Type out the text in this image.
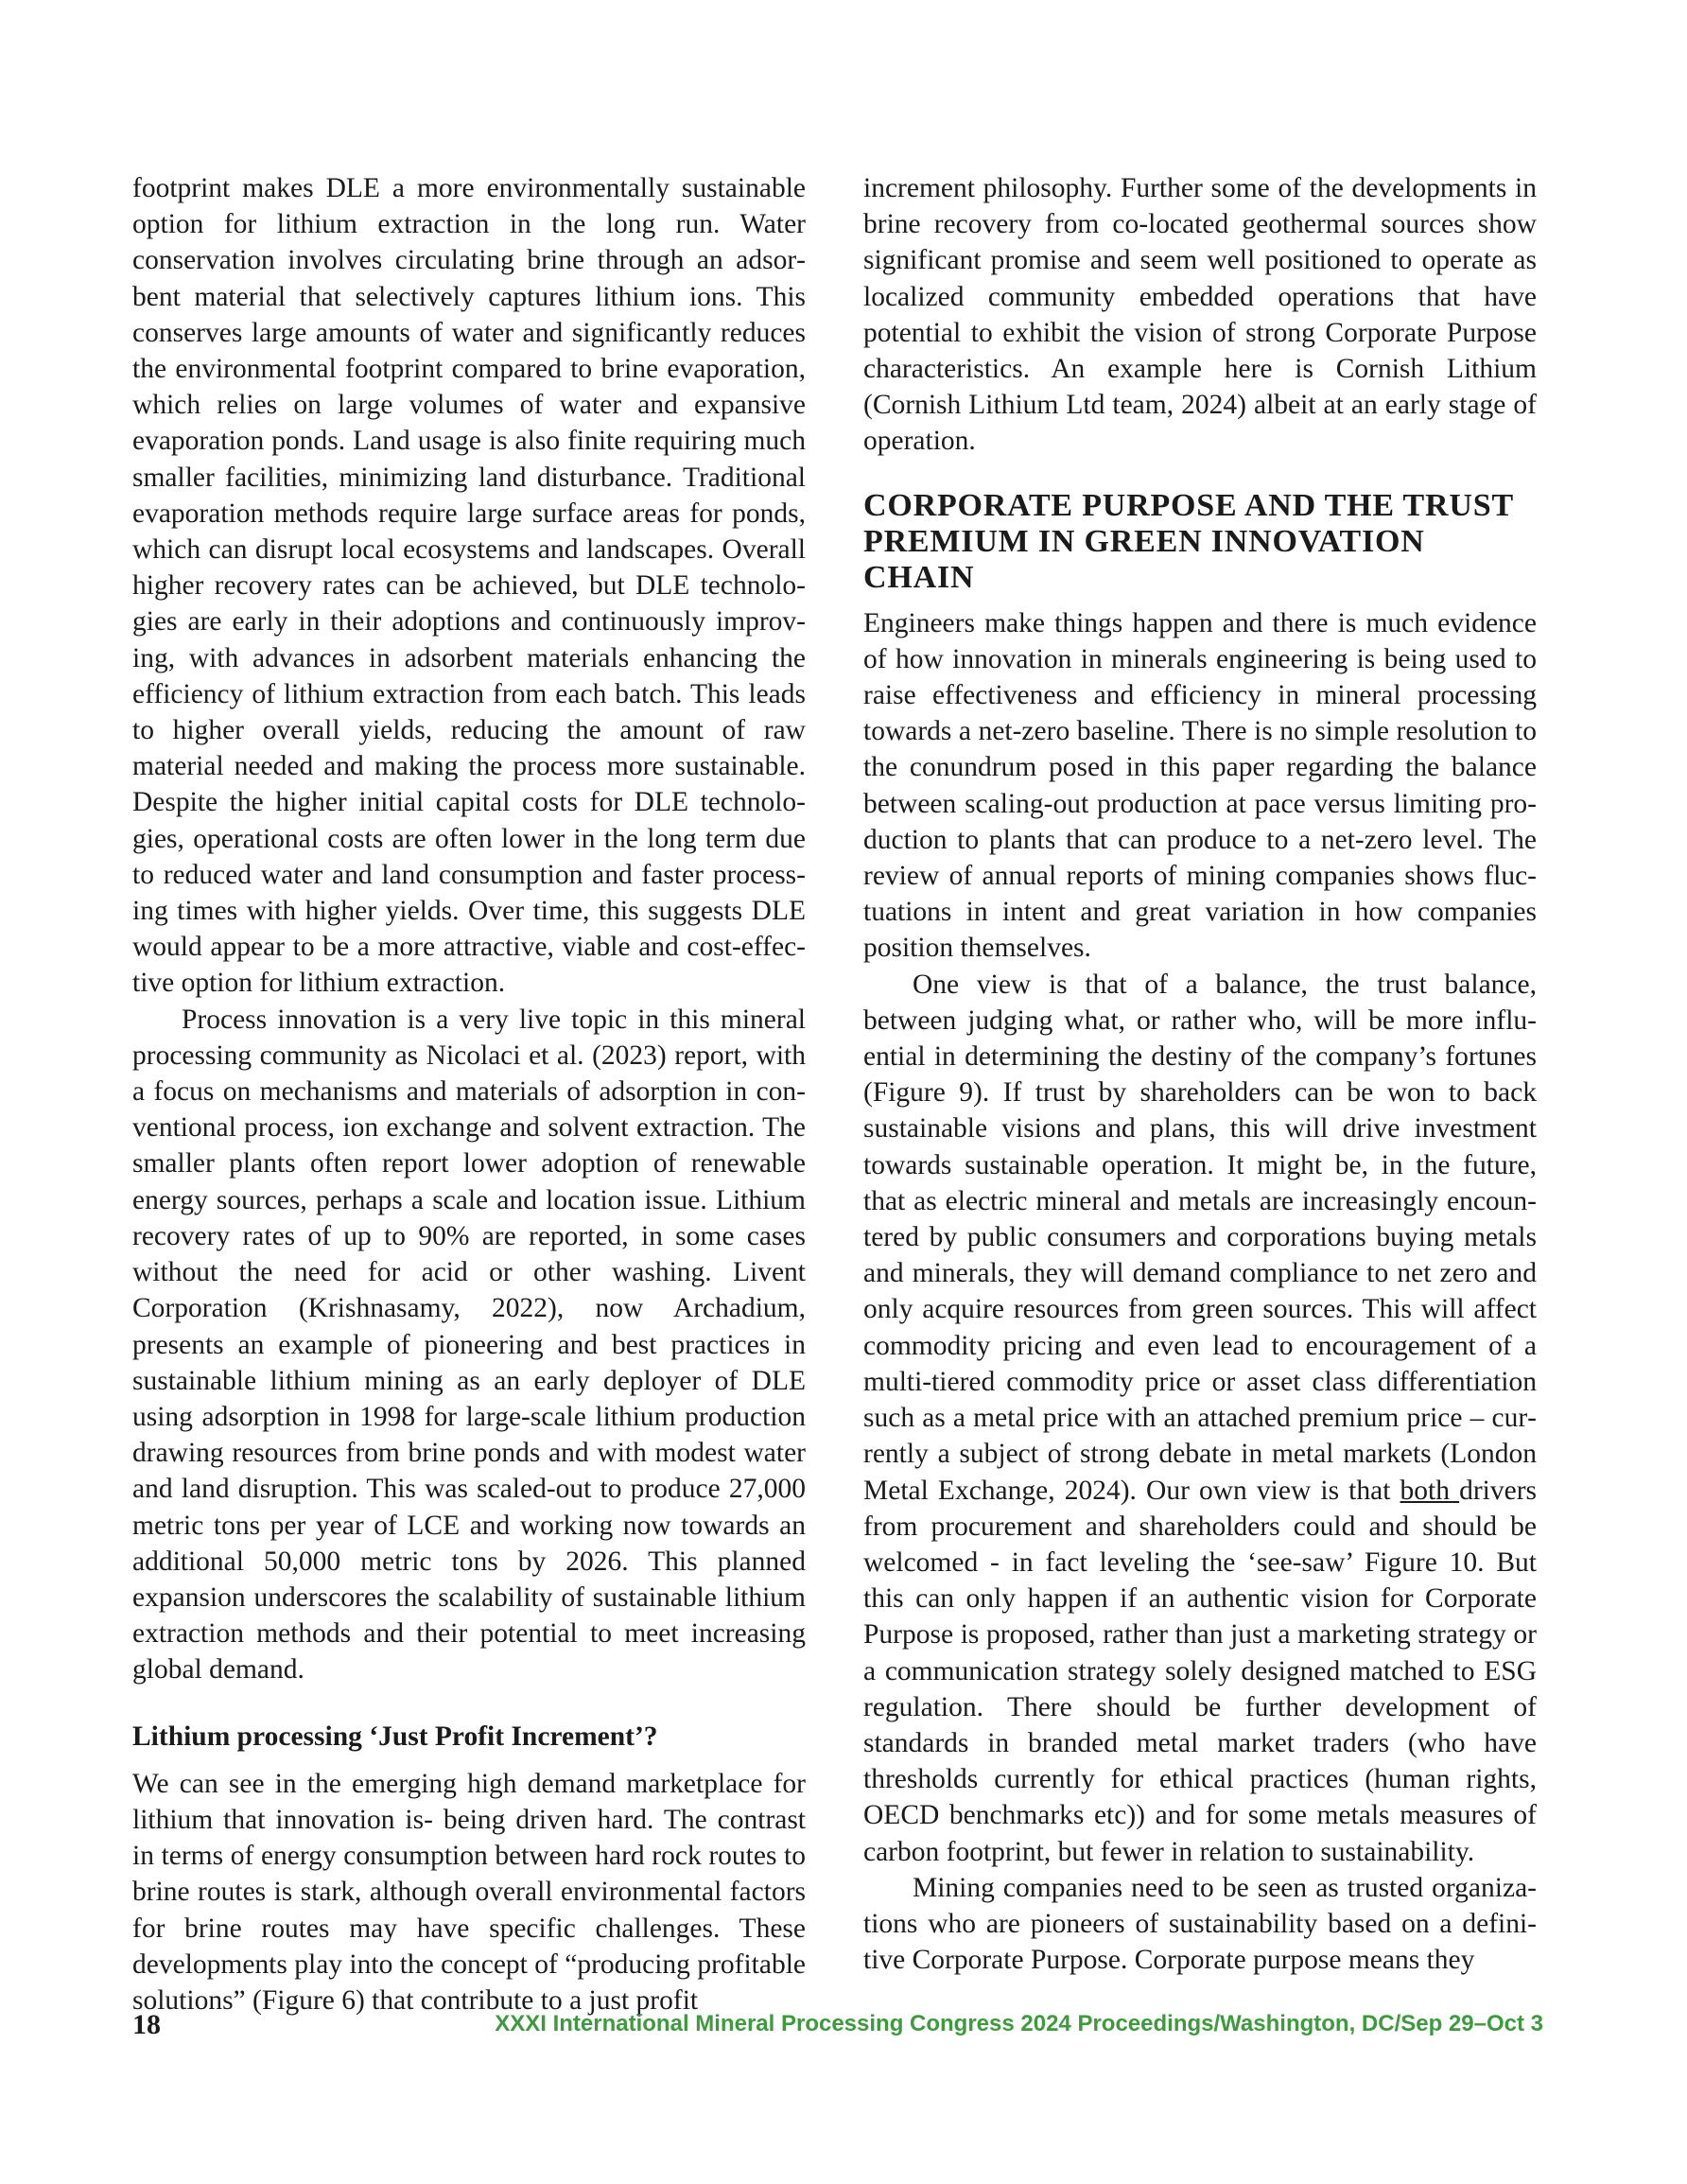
footprint makes DLE a more environmentally sustainable option for lithium extraction in the long run. Water conservation involves circulating brine through an adsorbent material that selectively captures lithium ions. This conserves large amounts of water and significantly reduces the environmental footprint compared to brine evaporation, which relies on large volumes of water and expansive evaporation ponds. Land usage is also finite requiring much smaller facilities, minimizing land disturbance. Traditional evaporation methods require large surface areas for ponds, which can disrupt local ecosystems and landscapes. Overall higher recovery rates can be achieved, but DLE technologies are early in their adoptions and continuously improving, with advances in adsorbent materials enhancing the efficiency of lithium extraction from each batch. This leads to higher overall yields, reducing the amount of raw material needed and making the process more sustainable. Despite the higher initial capital costs for DLE technologies, operational costs are often lower in the long term due to reduced water and land consumption and faster processing times with higher yields. Over time, this suggests DLE would appear to be a more attractive, viable and cost-effective option for lithium extraction.

Process innovation is a very live topic in this mineral processing community as Nicolaci et al. (2023) report, with a focus on mechanisms and materials of adsorption in conventional process, ion exchange and solvent extraction. The smaller plants often report lower adoption of renewable energy sources, perhaps a scale and location issue. Lithium recovery rates of up to 90% are reported, in some cases without the need for acid or other washing. Livent Corporation (Krishnasamy, 2022), now Archadium, presents an example of pioneering and best practices in sustainable lithium mining as an early deployer of DLE using adsorption in 1998 for large-scale lithium production drawing resources from brine ponds and with modest water and land disruption. This was scaled-out to produce 27,000 metric tons per year of LCE and working now towards an additional 50,000 metric tons by 2026. This planned expansion underscores the scalability of sustainable lithium extraction methods and their potential to meet increasing global demand.

Lithium processing ‘Just Profit Increment’?

We can see in the emerging high demand marketplace for lithium that innovation is- being driven hard. The contrast in terms of energy consumption between hard rock routes to brine routes is stark, although overall environmental factors for brine routes may have specific challenges. These developments play into the concept of “producing profitable solutions” (Figure 6) that contribute to a just profit

increment philosophy. Further some of the developments in brine recovery from co-located geothermal sources show significant promise and seem well positioned to operate as localized community embedded operations that have potential to exhibit the vision of strong Corporate Purpose characteristics. An example here is Cornish Lithium (Cornish Lithium Ltd team, 2024) albeit at an early stage of operation.

CORPORATE PURPOSE AND THE TRUST PREMIUM IN GREEN INNOVATION CHAIN

Engineers make things happen and there is much evidence of how innovation in minerals engineering is being used to raise effectiveness and efficiency in mineral processing towards a net-zero baseline. There is no simple resolution to the conundrum posed in this paper regarding the balance between scaling-out production at pace versus limiting production to plants that can produce to a net-zero level. The review of annual reports of mining companies shows fluctuations in intent and great variation in how companies position themselves.

One view is that of a balance, the trust balance, between judging what, or rather who, will be more influential in determining the destiny of the company’s fortunes (Figure 9). If trust by shareholders can be won to back sustainable visions and plans, this will drive investment towards sustainable operation. It might be, in the future, that as electric mineral and metals are increasingly encountered by public consumers and corporations buying metals and minerals, they will demand compliance to net zero and only acquire resources from green sources. This will affect commodity pricing and even lead to encouragement of a multi-tiered commodity price or asset class differentiation such as a metal price with an attached premium price – currently a subject of strong debate in metal markets (London Metal Exchange, 2024). Our own view is that both drivers from procurement and shareholders could and should be welcomed - in fact leveling the ‘see-saw’ Figure 10. But this can only happen if an authentic vision for Corporate Purpose is proposed, rather than just a marketing strategy or a communication strategy solely designed matched to ESG regulation. There should be further development of standards in branded metal market traders (who have thresholds currently for ethical practices (human rights, OECD benchmarks etc)) and for some metals measures of carbon footprint, but fewer in relation to sustainability.

Mining companies need to be seen as trusted organizations who are pioneers of sustainability based on a definitive Corporate Purpose. Corporate purpose means they

18	XXXI International Mineral Processing Congress 2024 Proceedings/Washington, DC/Sep 29–Oct 3
